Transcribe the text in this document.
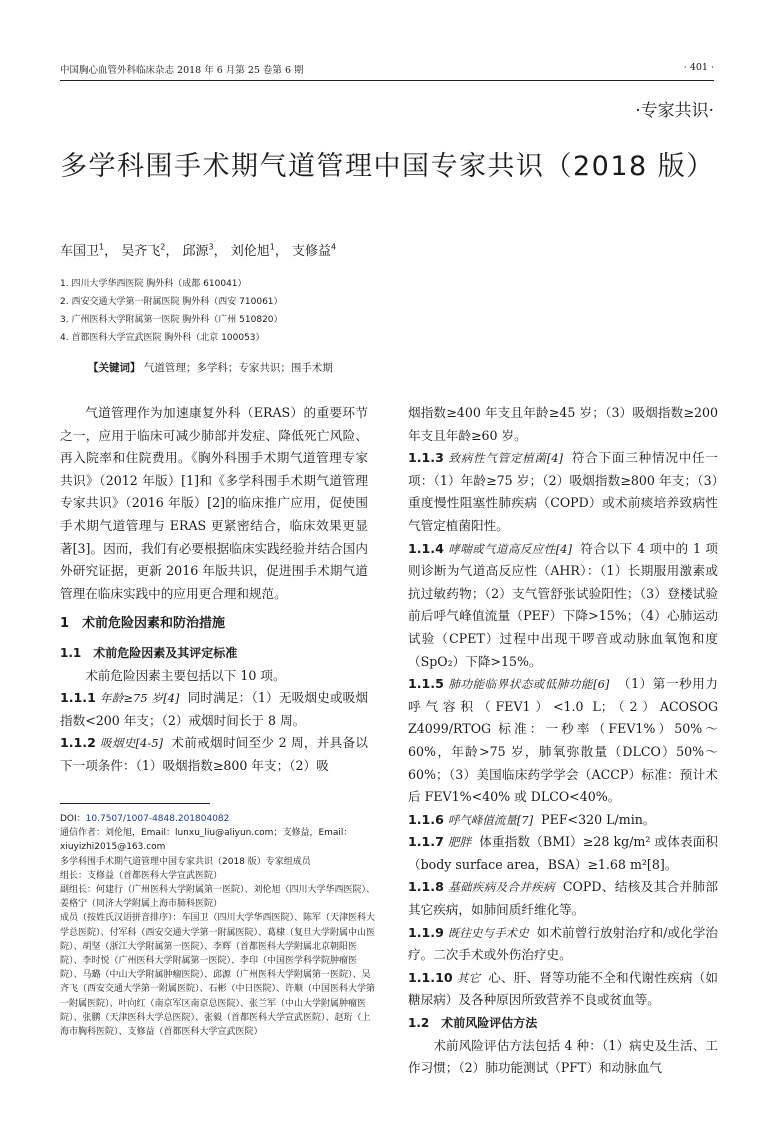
中国胸心血管外科临床杂志 2018 年 6 月第 25 卷第 6 期	· 401 ·
·专家共识·
多学科围手术期气道管理中国专家共识（2018 版）
车国卫$^1$， 吴齐飞$^2$， 邱源$^3$， 刘伦旭$^1$， 支修益$^4$
1. 四川大学华西医院 胸外科（成都 610041）
2. 西安交通大学第一附属医院 胸外科（西安 710061）
3. 广州医科大学附属第一医院 胸外科（广州 510820）
4. 首都医科大学宣武医院 胸外科（北京 100053）
【关键词】 气道管理；多学科；专家共识；围手术期

气道管理作为加速康复外科（ERAS）的重要环节之一，应用于临床可减少肺部并发症、降低死亡风险、再入院率和住院费用。《胸外科围手术期气道管理专家共识》（2012 年版）[1]和《多学科围手术期气道管理专家共识》（2016 年版）[2]的临床推广应用，促使围手术期气道管理与 ERAS 更紧密结合，临床效果更显著[3]。因而，我们有必要根据临床实践经验并结合国内外研究证据，更新 2016 年版共识，促进围手术期气道管理在临床实践中的应用更合理和规范。

1　术前危险因素和防治措施

1.1　术前危险因素及其评定标准

术前危险因素主要包括以下 10 项。

1.1.1 年龄≥75 岁[4] 同时满足：（1）无吸烟史或吸烟指数<200 年支；（2）戒烟时间长于 8 周。

1.1.2 吸烟史[4-5] 术前戒烟时间至少 2 周，并具备以下一项条件：（1）吸烟指数≥800 年支；（2）吸

烟指数≥400 年支且年龄≥45 岁；（3）吸烟指数≥200 年支且年龄≥60 岁。

1.1.3 致病性气管定植菌[4] 符合下面三种情况中任一项：（1）年龄≥75 岁；（2）吸烟指数≥800 年支；（3）重度慢性阻塞性肺疾病（COPD）或术前痰培养致病性气管定植菌阳性。

1.1.4 哮喘或气道高反应性[4] 符合以下 4 项中的 1 项则诊断为气道高反应性（AHR）：（1）长期服用激素或抗过敏药物；（2）支气管舒张试验阳性；（3）登楼试验前后呼气峰值流量（PEF）下降>15%；（4）心肺运动试验（CPET）过程中出现干啰音或动脉血氧饱和度（SpO₂）下降>15%。

1.1.5 肺功能临界状态或低肺功能[6] （1）第一秒用力呼气容积（FEV1）<1.0 L；（2）ACOSOG Z4099/RTOG 标准：一秒率（FEV1%）50%～60%，年龄>75 岁，肺氧弥散量（DLCO）50%～60%；（3）美国临床药学学会（ACCP）标准：预计术后 FEV1%<40% 或 DLCO<40%。

1.1.6 呼气峰值流量[7] PEF<320 L/min。

1.1.7 肥胖 体重指数（BMI）≥28 kg/m² 或体表面积（body surface area，BSA）≥1.68 m²[8]。

1.1.8 基础疾病及合并疾病 COPD、结核及其合并肺部其它疾病，如肺间质纤维化等。

1.1.9 既往史与手术史 如术前曾行放射治疗和/或化学治疗。二次手术或外伤治疗史。

1.1.10 其它 心、肝、肾等功能不全和代谢性疾病（如糖尿病）及各种原因所致营养不良或贫血等。

1.2　术前风险评估方法

术前风险评估方法包括 4 种：（1）病史及生活、工作习惯；（2）肺功能测试（PFT）和动脉血气

DOI：10.7507/1007-4848.201804082
通信作者：刘伦旭，Email：lunxu_liu@aliyun.com；支修益，Email：xiuyizhi2015@163.com
多学科围手术期气道管理中国专家共识（2018 版）专家组成员
组长：支修益（首都医科大学宣武医院）
副组长：何建行（广州医科大学附属第一医院）、刘伦旭（四川大学华西医院）、姜格宁（同济大学附属上海市肺科医院）
成员（按姓氏汉语拼音排序）：车国卫（四川大学华西医院）、陈军（天津医科大学总医院）、付军科（西安交通大学第一附属医院）、葛棣（复旦大学附属中山医院）、胡坚（浙江大学附属第一医院）、李辉（首都医科大学附属北京朝阳医院）、李时悦（广州医科大学附属第一医院）、李印（中国医学科学院肿瘤医院）、马璐（中山大学附属肿瘤医院）、邱源（广州医科大学附属第一医院）、吴齐飞（西安交通大学第一附属医院）、石彬（中日医院）、许顺（中国医科大学第一附属医院）、叶向红（南京军区南京总医院）、张兰军（中山大学附属肿瘤医院）、张鹏（天津医科大学总医院）、张毅（首都医科大学宣武医院）、赵珩（上海市胸科医院）、支修益（首都医科大学宣武医院）
